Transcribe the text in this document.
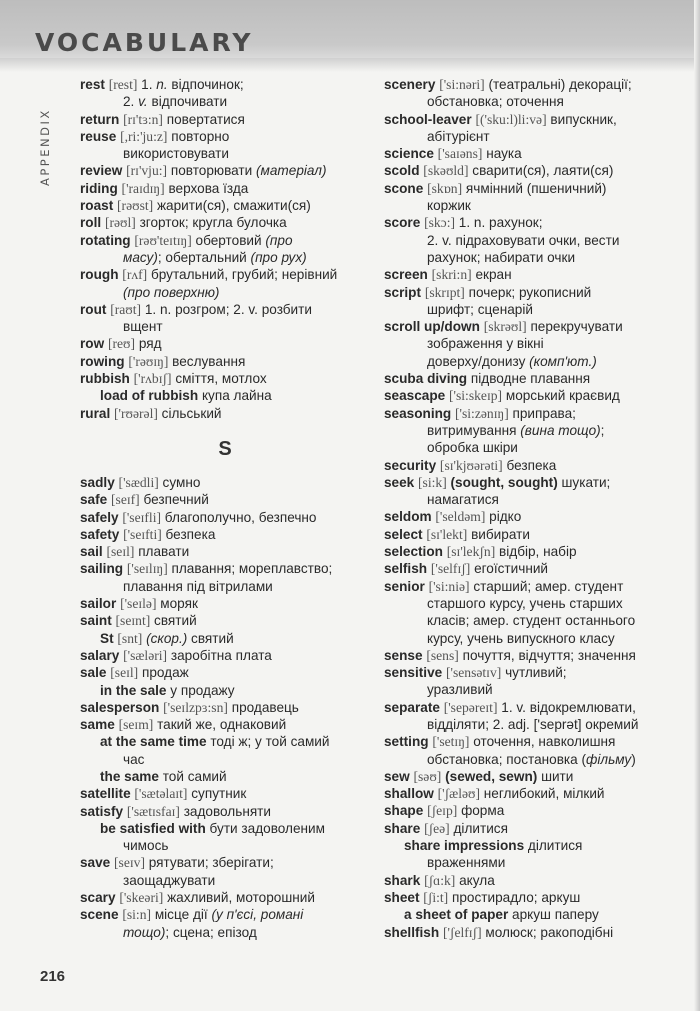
VOCABULARY
APPENDIX
rest [rest] 1. n. відпочинок;
2. v. відпочивати
return [rɪ'tɜ:n] повертатися
reuse [,ri:'ju:z] повторно
використовувати
review [rɪ'vju:] повторювати (матеріал)
riding ['raɪdɪŋ] верхова їзда
roast [rəʊst] жарити(ся), смажити(ся)
roll [rəʊl] згорток; кругла булочка
rotating [rəʊ'teɪtɪŋ] обертовий (про
масу); обертальний (про рух)
rough [rʌf] брутальний, грубий; нерівний
(про поверхню)
rout [raʊt] 1. n. розгром; 2. v. розбити
вщент
row [reʊ] ряд
rowing ['rəʊɪŋ] веслування
rubbish ['rʌbɪʃ] сміття, мотлох
load of rubbish купа лайна
rural ['rʊərəl] сільський
S
sadly ['sædli] сумно
safe [seɪf] безпечний
safely ['seɪfli] благополучно, безпечно
safety ['seɪfti] безпека
sail [seɪl] плавати
sailing ['seɪlɪŋ] плавання; мореплавство;
плавання під вітрилами
sailor ['seɪlə] моряк
saint [seɪnt] святий
St [snt] (скор.) святий
salary ['sæləri] заробітна плата
sale [seɪl] продаж
in the sale у продажу
salesperson ['seɪlzpɜ:sn] продавець
same [seɪm] такий же, однаковий
at the same time тоді ж; у той самий
час
the same той самий
satellite ['sætəlaɪt] супутник
satisfy ['sætɪsfaɪ] задовольняти
be satisfied with бути задоволеним
чимось
save [seɪv] рятувати; зберігати;
заощаджувати
scary ['skeəri] жахливий, моторошний
scene [si:n] місце дії (у п'єсі, романі
тощо); сцена; епізод
scenery ['si:nəri] (театральні) декорації;
обстановка; оточення
school-leaver [('sku:l)li:və] випускник,
абітурієнт
science ['saɪəns] наука
scold [skəʊld] сварити(ся), лаяти(ся)
scone [skɒn] ячмінний (пшеничний)
коржик
score [skɔ:] 1. n. рахунок;
2. v. підраховувати очки, вести
рахунок; набирати очки
screen [skri:n] екран
script [skrɪpt] почерк; рукописний
шрифт; сценарій
scroll up/down [skrəʊl] перекручувати
зображення у вікні
доверху/донизу (комп'ют.)
scuba diving підводне плавання
seascape ['si:skeɪp] морський краєвид
seasoning ['si:zənɪŋ] приправа;
витримування (вина тощо);
обробка шкіри
security [sɪ'kjʊərəti] безпека
seek [si:k] (sought, sought) шукати;
намагатися
seldom ['seldəm] рідко
select [sɪ'lekt] вибирати
selection [sɪ'lekʃn] відбір, набір
selfish ['selfɪʃ] егоїстичний
senior ['si:niə] старший; амер. студент
старшого курсу, учень старших
класів; амер. студент останнього
курсу, учень випускного класу
sense [sens] почуття, відчуття; значення
sensitive ['sensətɪv] чутливий;
уразливий
separate ['sepəreɪt] 1. v. відокремлювати,
відділяти; 2. adj. ['seprət] окремий
setting ['setɪŋ] оточення, навколишня
обстановка; постановка (фільму)
sew [səʊ] (sewed, sewn) шити
shallow ['ʃæləʊ] неглибокий, мілкий
shape [ʃeɪp] форма
share [ʃeə] ділитися
share impressions ділитися
враженнями
shark [ʃɑ:k] акула
sheet [ʃi:t] простирадло; аркуш
a sheet of paper аркуш паперу
shellfish ['ʃelfɪʃ] молюск; ракоподібні
216
